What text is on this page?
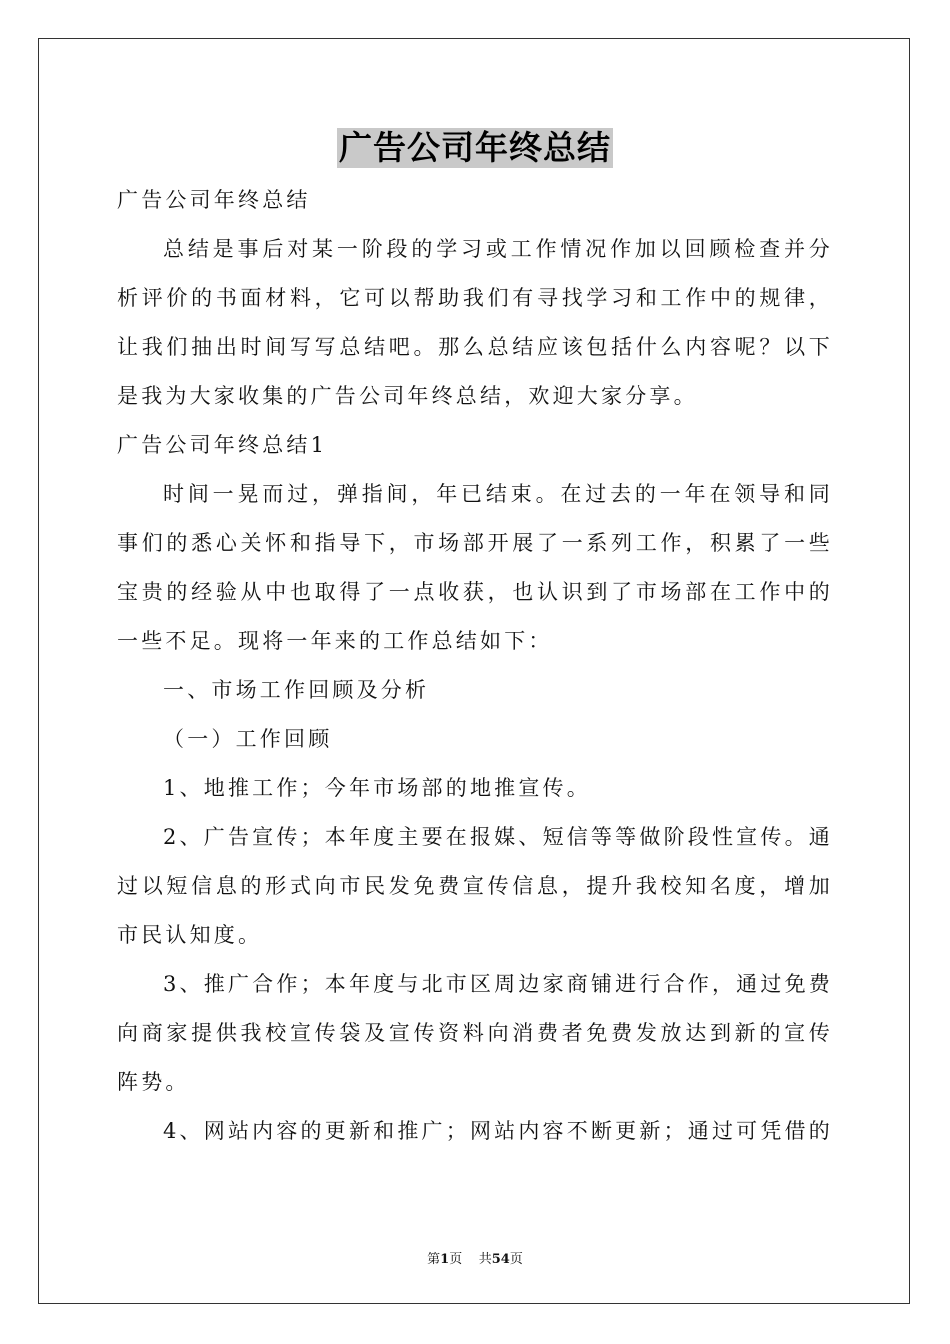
广告公司年终总结

广告公司年终总结

总结是事后对某一阶段的学习或工作情况作加以回顾检查并分析评价的书面材料，它可以帮助我们有寻找学习和工作中的规律，让我们抽出时间写写总结吧。那么总结应该包括什么内容呢？以下是我为大家收集的广告公司年终总结，欢迎大家分享。

广告公司年终总结1

时间一晃而过，弹指间，年已结束。在过去的一年在领导和同事们的悉心关怀和指导下，市场部开展了一系列工作，积累了一些宝贵的经验从中也取得了一点收获，也认识到了市场部在工作中的一些不足。现将一年来的工作总结如下：

一、市场工作回顾及分析

（一）工作回顾

1、地推工作；今年市场部的地推宣传。

2、广告宣传；本年度主要在报媒、短信等等做阶段性宣传。通过以短信息的形式向市民发免费宣传信息，提升我校知名度，增加市民认知度。

3、推广合作；本年度与北市区周边家商铺进行合作，通过免费向商家提供我校宣传袋及宣传资料向消费者免费发放达到新的宣传阵势。

4、网站内容的更新和推广；网站内容不断更新；通过可凭借的

第1页 共54页
